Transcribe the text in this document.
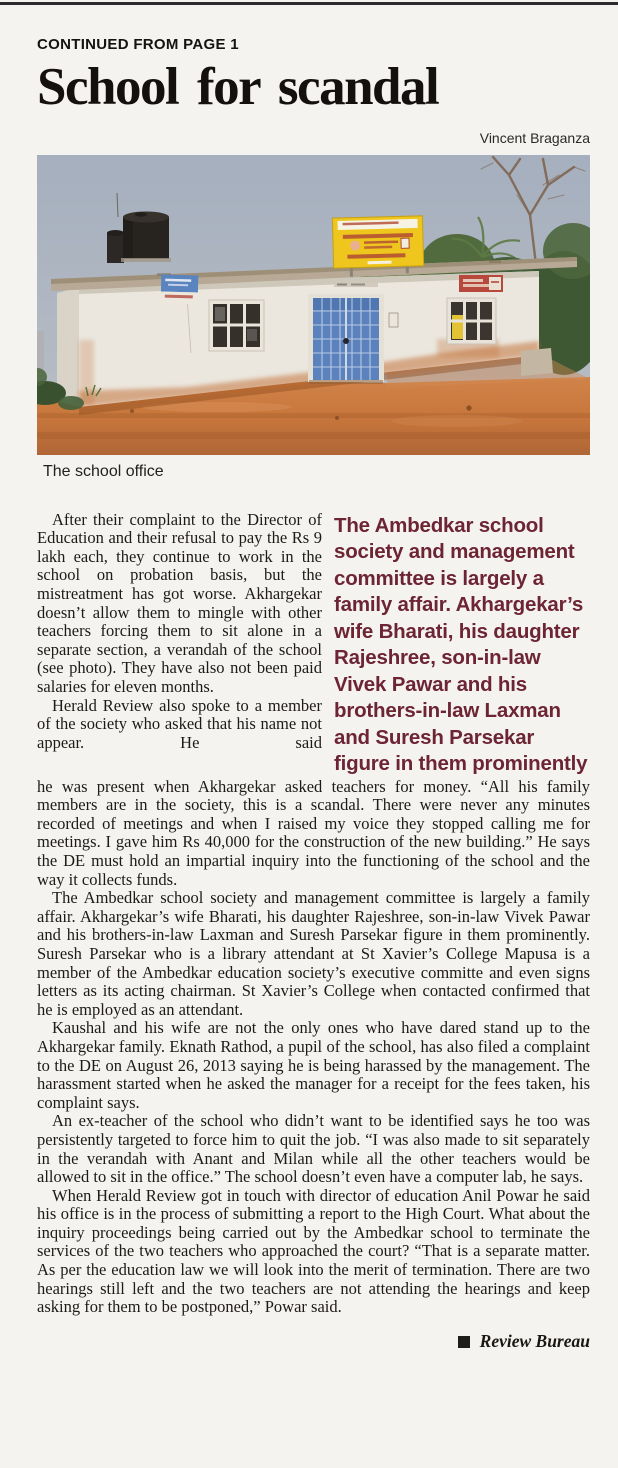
CONTINUED FROM PAGE 1
School for scandal
Vincent Braganza
The school office

After their complaint to the Director of Education and their refusal to pay the Rs 9 lakh each, they continue to work in the school on probation basis, but the mistreatment has got worse. Akhargekar doesn’t allow them to mingle with other teachers forcing them to sit alone in a separate section, a verandah of the school (see photo). They have also not been paid salaries for eleven months.

Herald Review also spoke to a member of the society who asked that his name not appear. He said

The Ambedkar school society and management committee is largely a family affair. Akhargekar’s wife Bharati, his daughter Rajeshree, son-in-law Vivek Pawar and his brothers-in-law Laxman and Suresh Parsekar figure in them prominently

he was present when Akhargekar asked teachers for money. “All his family members are in the society, this is a scandal. There were never any minutes recorded of meetings and when I raised my voice they stopped calling me for meetings. I gave him Rs 40,000 for the construction of the new building.” He says the DE must hold an impartial inquiry into the functioning of the school and the way it collects funds.

The Ambedkar school society and management committee is largely a family affair. Akhargekar’s wife Bharati, his daughter Rajeshree, son-in-law Vivek Pawar and his brothers-in-law Laxman and Suresh Parsekar figure in them prominently. Suresh Parsekar who is a library attendant at St Xavier’s College Mapusa is a member of the Ambedkar education society’s executive committe and even signs letters as its acting chairman. St Xavier’s College when contacted confirmed that he is employed as an attendant.

Kaushal and his wife are not the only ones who have dared stand up to the Akhargekar family. Eknath Rathod, a pupil of the school, has also filed a complaint to the DE on August 26, 2013 saying he is being harassed by the management. The harassment started when he asked the manager for a receipt for the fees taken, his complaint says.

An ex-teacher of the school who didn’t want to be identified says he too was persistently targeted to force him to quit the job. “I was also made to sit separately in the verandah with Anant and Milan while all the other teachers would be allowed to sit in the office.” The school doesn’t even have a computer lab, he says.

When Herald Review got in touch with director of education Anil Powar he said his office is in the process of submitting a report to the High Court. What about the inquiry proceedings being carried out by the Ambedkar school to terminate the services of the two teachers who approached the court? “That is a separate matter. As per the education law we will look into the merit of termination. There are two hearings still left and the two teachers are not attending the hearings and keep asking for them to be postponed,” Powar said.

Review Bureau
